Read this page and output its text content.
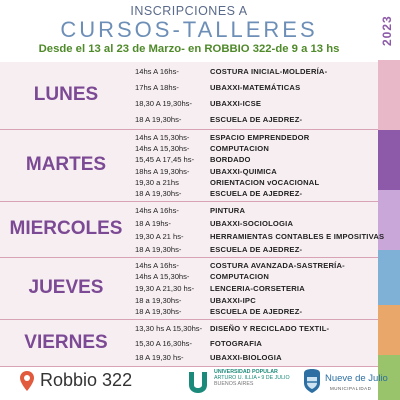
2023
INSCRIPCIONES A
CURSOS-TALLERES
Desde el 13 al 23 de Marzo- en ROBBIO 322-de 9 a 13 hs
LUNES
14hs A 16hs-	COSTURA INICIAL-MOLDERÍA-
17hs A 18hs-	UBAXXI-MATEMÁTICAS
18,30 A 19,30hs- UBAXXI-ICSE
18 A 19,30hs-	ESCUELA DE AJEDREZ-
MARTES
14hs A 15,30hs-	ESPACIO EMPRENDEDOR
14hs A 15,30hs-	COMPUTACION
15,45 A 17,45 hs- BORDADO
18hs A 19,30hs-	UBAXXI-QUIMICA
19,30 a 21hs	ORIENTACION vOCACIONAL
18 A 19,30hs-	ESCUELA DE AJEDREZ-
MIERCOLES
14hs A 16hs-	PINTURA
18 A 19hs-	UBAXXI-SOCIOLOGIA
19,30 A 21 hs-	HERRAMIENTAS CONTABLES E IMPOSITIVAS
18 A 19,30hs-	ESCUELA DE AJEDREZ-
JUEVES
14hs A 16hs-	COSTURA AVANZADA-SASTRERÍA-
14hs A 15,30hs-	COMPUTACION
19,30 A 21,30 hs- LENCERIA-CORSETERIA
18 a 19,30hs-	UBAXXI-IPC
18 A 19,30hs-	ESCUELA DE AJEDREZ-
VIERNES
13,30 hs A 15,30hs- DISEÑO Y RECICLADO TEXTIL-
15,30 A 16,30hs- FOTOGRAFIA
18 A 19,30 hs-	UBAXXI-BIOLOGIA
Robbio 322	UNIVERSIDAD POPULAR
ARTURO U. ILLIA • 9 DE JULIO
BUENOS AIRES	Nueve de Julio
MUNICIPALIDAD
